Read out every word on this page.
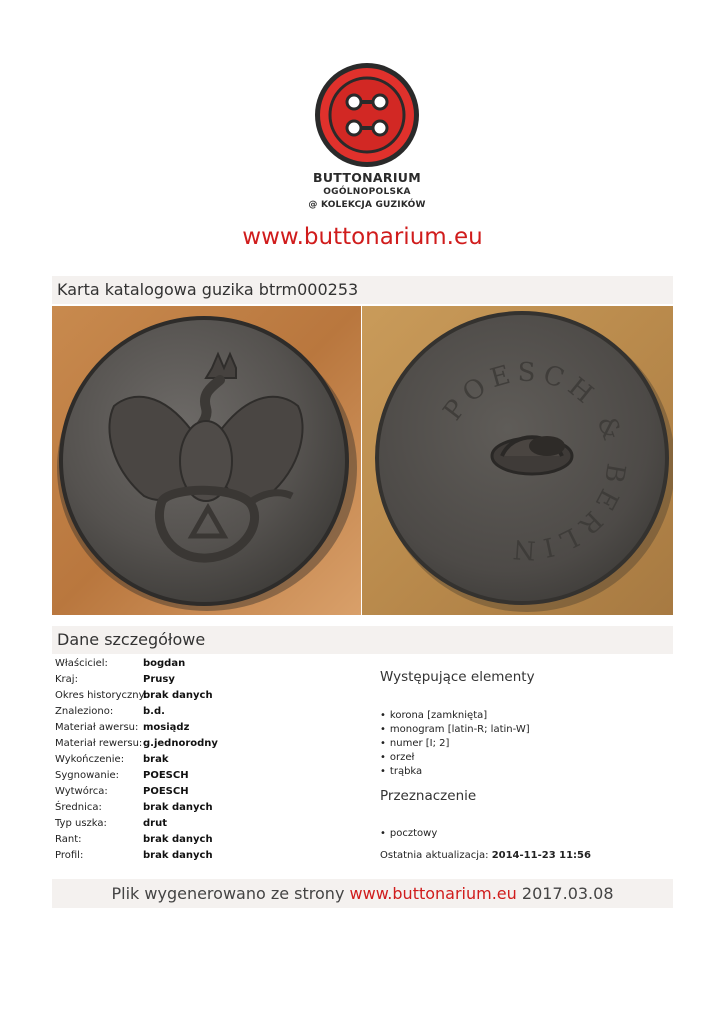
BUTTONARIUM
OGÓLNOPOLSKA
@ KOLEKCJA GUZIKÓW
www.buttonarium.eu
Karta katalogowa guzika btrm000253
POESCH & BERLIN
Dane szczegółowe
Właściciel:	bogdan
Kraj:	Prusy
Okres historyczny:
brak danych
Znaleziono:	b.d.
Materiał awersu: mosiądz
Materiał rewersu: g.jednorodny
Wykończenie: brak
Sygnowanie: POESCH
Wytwórca:	POESCH
Średnica:	brak danych
Typ uszka:	drut
Rant:	brak danych
Profil:	brak danych
Występujące elementy
• korona [zamknięta]
• monogram [latin-R; latin-W]
• numer [I; 2]
• orzeł
• trąbka
Przeznaczenie
• pocztowy
Ostatnia aktualizacja: 2014-11-23 11:56
Plik wygenerowano ze strony www.buttonarium.eu 2017.03.08
